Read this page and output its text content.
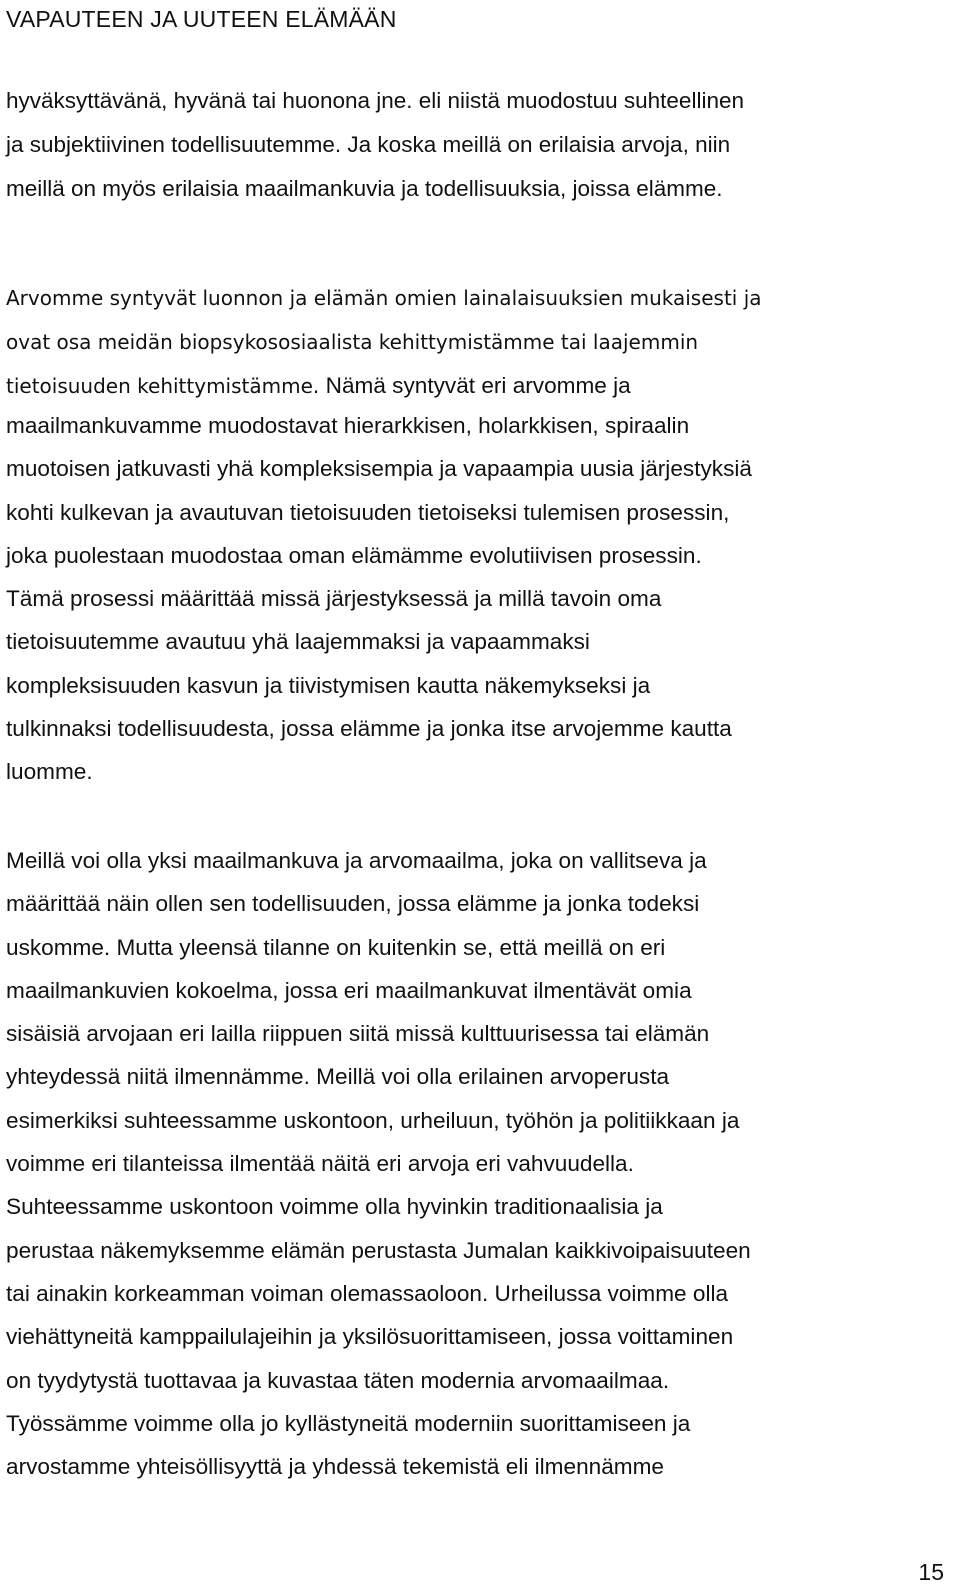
VAPAUTEEN JA UUTEEN ELÄMÄÄN
hyväksyttävänä, hyvänä tai huonona jne. eli niistä muodostuu suhteellinen
ja subjektiivinen todellisuutemme. Ja koska meillä on erilaisia arvoja, niin
meillä on myös erilaisia maailmankuvia ja todellisuuksia, joissa elämme.
Arvomme syntyvät luonnon ja elämän omien lainalaisuuksien mukaisesti ja
ovat osa meidän biopsykososiaalista kehittymistämme tai laajemmin
tietoisuuden kehittymistämme. Nämä syntyvät eri arvomme ja
maailmankuvamme muodostavat hierarkkisen, holarkkisen, spiraalin
muotoisen jatkuvasti yhä kompleksisempia ja vapaampia uusia järjestyksiä
kohti kulkevan ja avautuvan tietoisuuden tietoiseksi tulemisen prosessin,
joka puolestaan muodostaa oman elämämme evolutiivisen prosessin.
Tämä prosessi määrittää missä järjestyksessä ja millä tavoin oma
tietoisuutemme avautuu yhä laajemmaksi ja vapaammaksi
kompleksisuuden kasvun ja tiivistymisen kautta näkemykseksi ja
tulkinnaksi todellisuudesta, jossa elämme ja jonka itse arvojemme kautta
luomme.
Meillä voi olla yksi maailmankuva ja arvomaailma, joka on vallitseva ja
määrittää näin ollen sen todellisuuden, jossa elämme ja jonka todeksi
uskomme. Mutta yleensä tilanne on kuitenkin se, että meillä on eri
maailmankuvien kokoelma, jossa eri maailmankuvat ilmentävät omia
sisäisiä arvojaan eri lailla riippuen siitä missä kulttuurisessa tai elämän
yhteydessä niitä ilmennämme. Meillä voi olla erilainen arvoperusta
esimerkiksi suhteessamme uskontoon, urheiluun, työhön ja politiikkaan ja
voimme eri tilanteissa ilmentää näitä eri arvoja eri vahvuudella.
Suhteessamme uskontoon voimme olla hyvinkin traditionaalisia ja
perustaa näkemyksemme elämän perustasta Jumalan kaikkivoipaisuuteen
tai ainakin korkeamman voiman olemassaoloon. Urheilussa voimme olla
viehättyneitä kamppailulajeihin ja yksilösuorittamiseen, jossa voittaminen
on tyydytystä tuottavaa ja kuvastaa täten modernia arvomaailmaa.
Työssämme voimme olla jo kyllästyneitä moderniin suorittamiseen ja
arvostamme yhteisöllisyyttä ja yhdessä tekemistä eli ilmennämme
15
